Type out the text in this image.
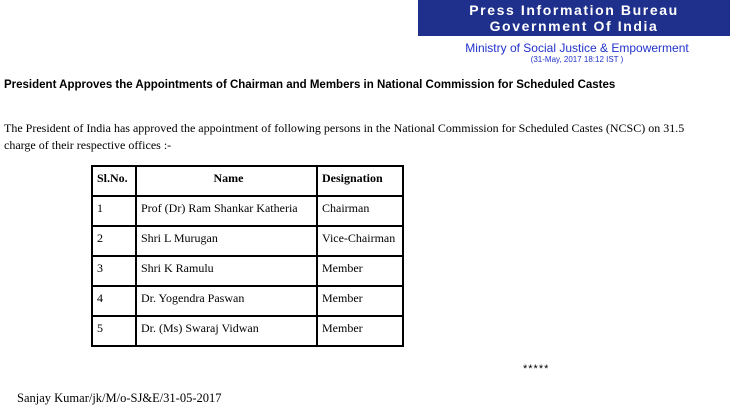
Press Information Bureau
Government Of India
Ministry of Social Justice & Empowerment
(31-May, 2017 18:12 IST )
President Approves the Appointments of Chairman and Members in National Commission for Scheduled Castes
The President of India has approved the appointment of following persons in the National Commission for Scheduled Castes (NCSC) on 31.5
charge of their respective offices :-
Sl.No.	Name	Designation
1	Prof (Dr) Ram Shankar Katheria	Chairman
2	Shri L Murugan	Vice-Chairman
3	Shri K Ramulu	Member
4	Dr. Yogendra Paswan	Member
5	Dr. (Ms) Swaraj Vidwan	Member
*****
Sanjay Kumar/jk/M/o-SJ&E/31-05-2017
